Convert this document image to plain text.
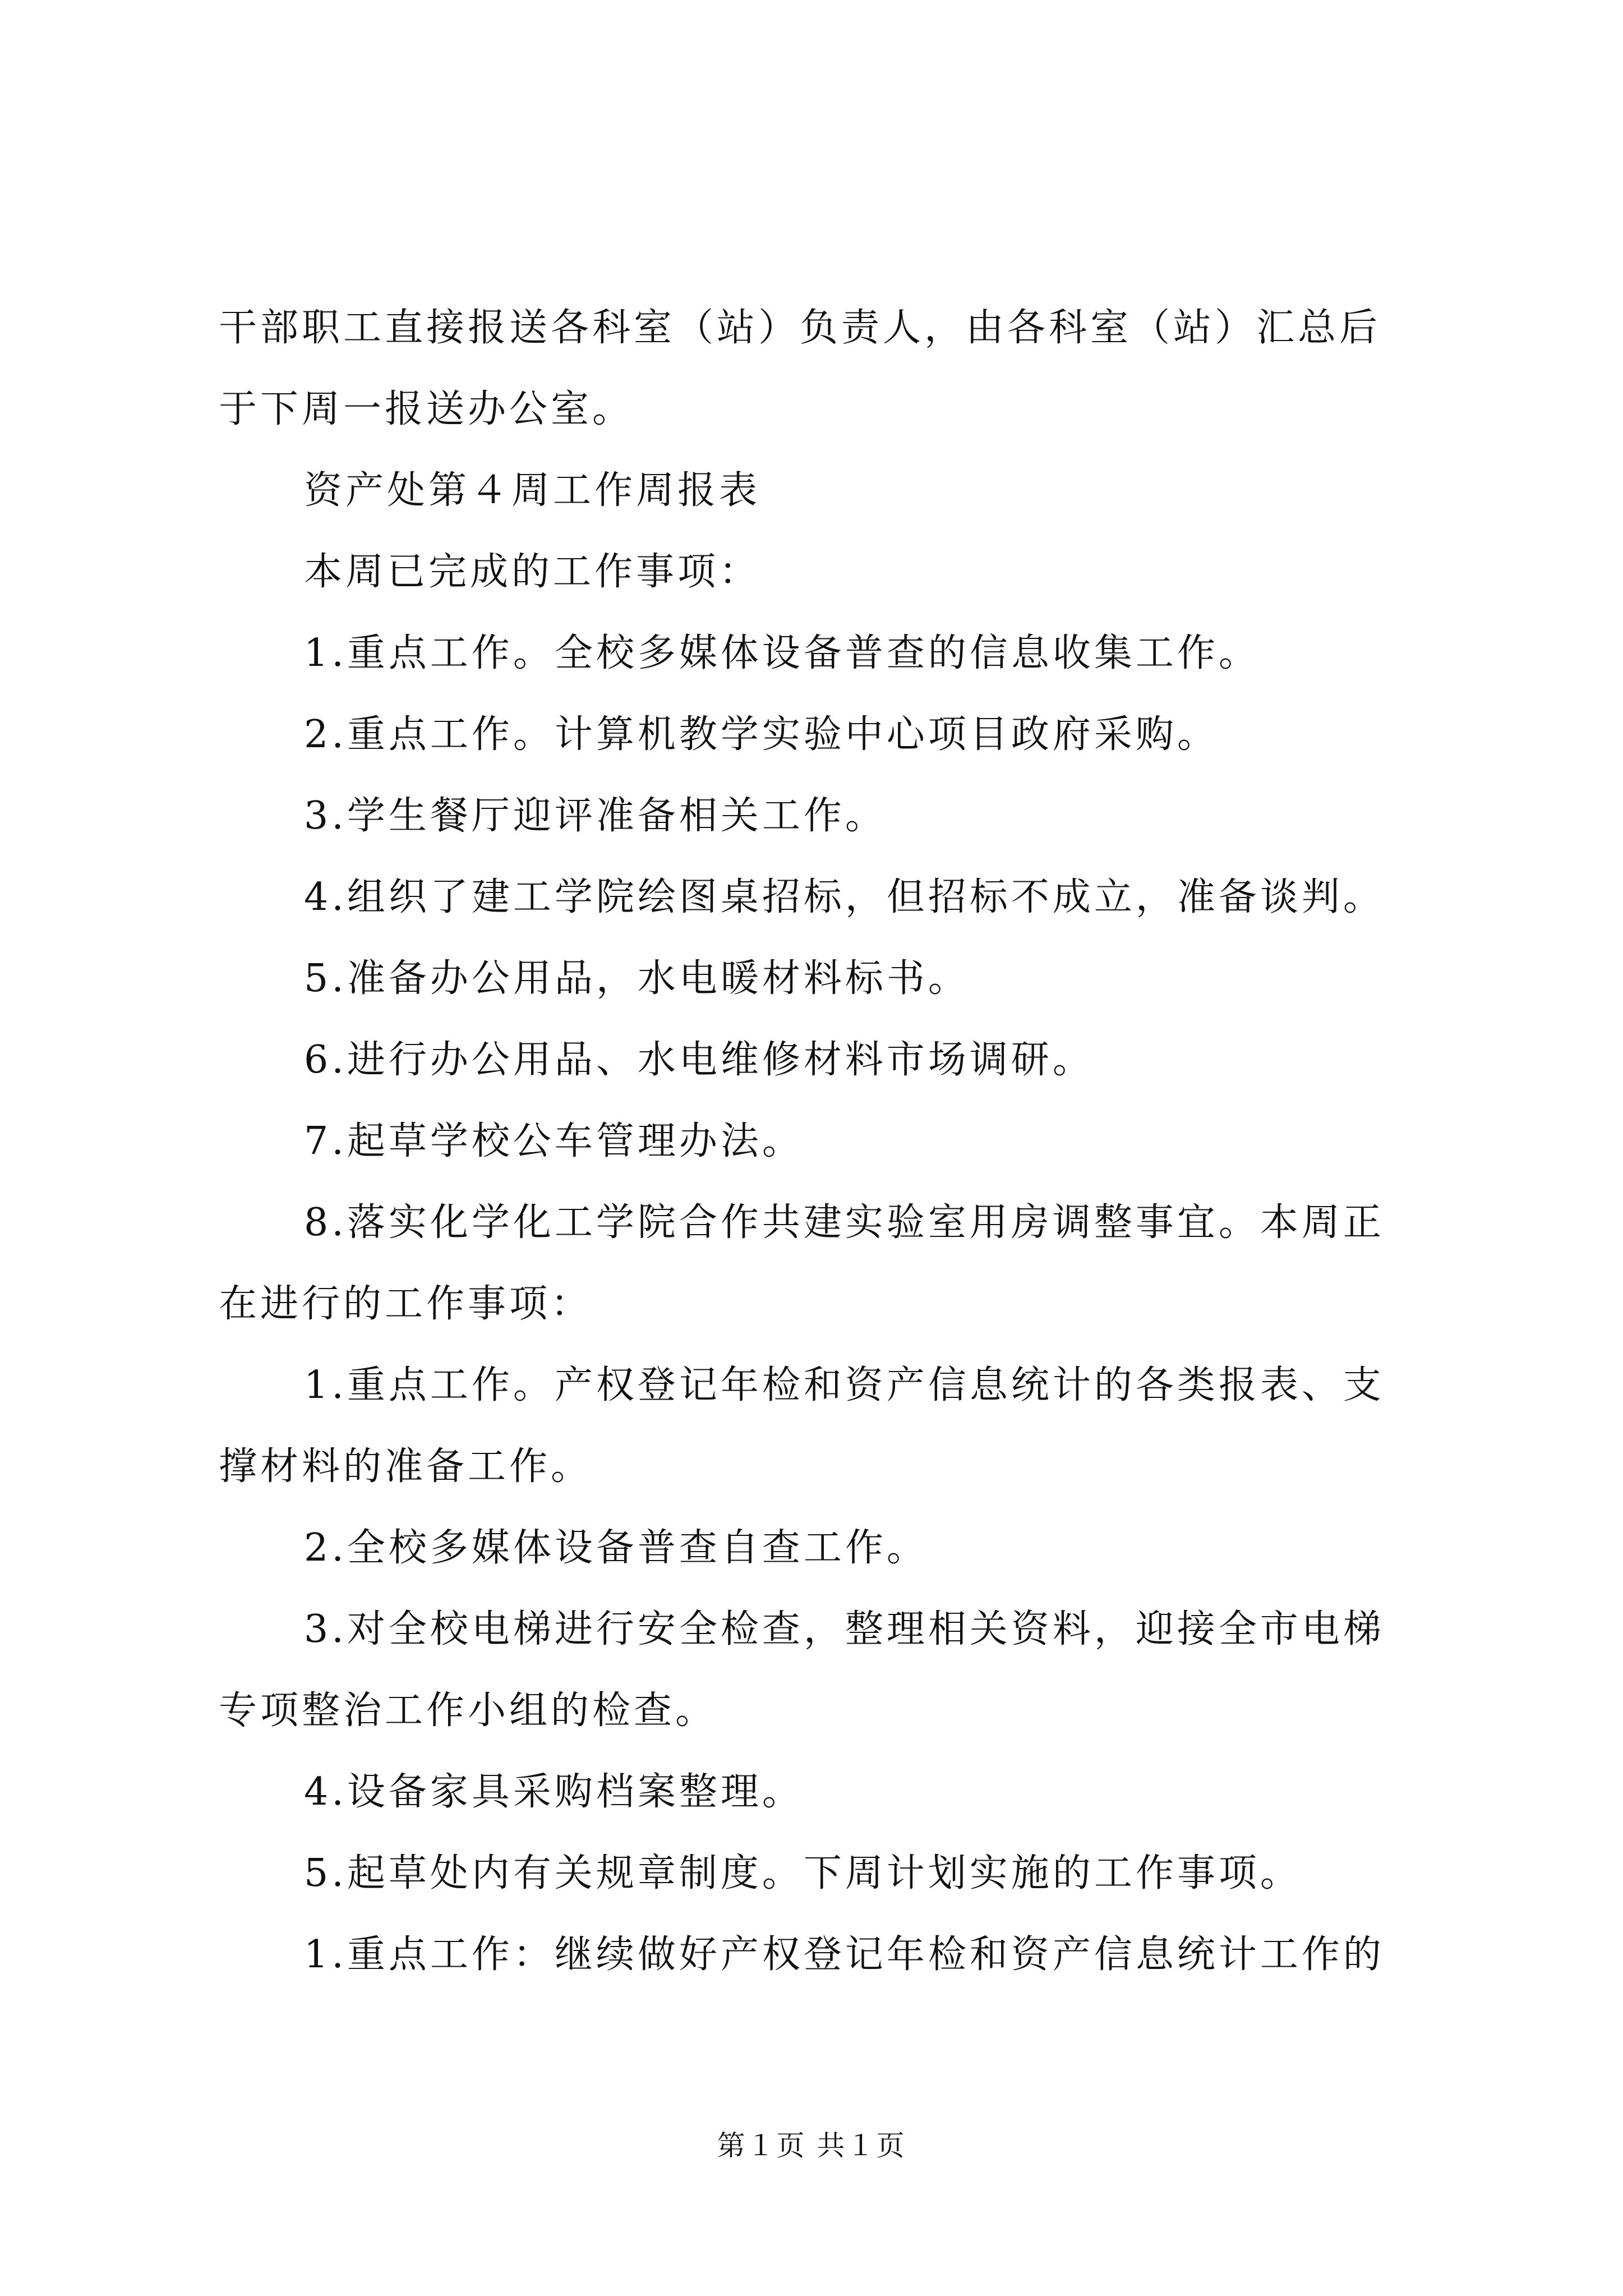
干部职工直接报送各科室（站）负责人，由各科室（站）汇总后
于下周一报送办公室。
资产处第４周工作周报表
本周已完成的工作事项：
1.重点工作。全校多媒体设备普查的信息收集工作。
2.重点工作。计算机教学实验中心项目政府采购。
3.学生餐厅迎评准备相关工作。
4.组织了建工学院绘图桌招标，但招标不成立，准备谈判。
5.准备办公用品，水电暖材料标书。
6.进行办公用品、水电维修材料市场调研。
7.起草学校公车管理办法。
8.落实化学化工学院合作共建实验室用房调整事宜。本周正
在进行的工作事项：
1.重点工作。产权登记年检和资产信息统计的各类报表、支
撑材料的准备工作。
2.全校多媒体设备普查自查工作。
3.对全校电梯进行安全检查，整理相关资料，迎接全市电梯
专项整治工作小组的检查。
4.设备家具采购档案整理。
5.起草处内有关规章制度。下周计划实施的工作事项。
1.重点工作：继续做好产权登记年检和资产信息统计工作的
第１页 共１页
